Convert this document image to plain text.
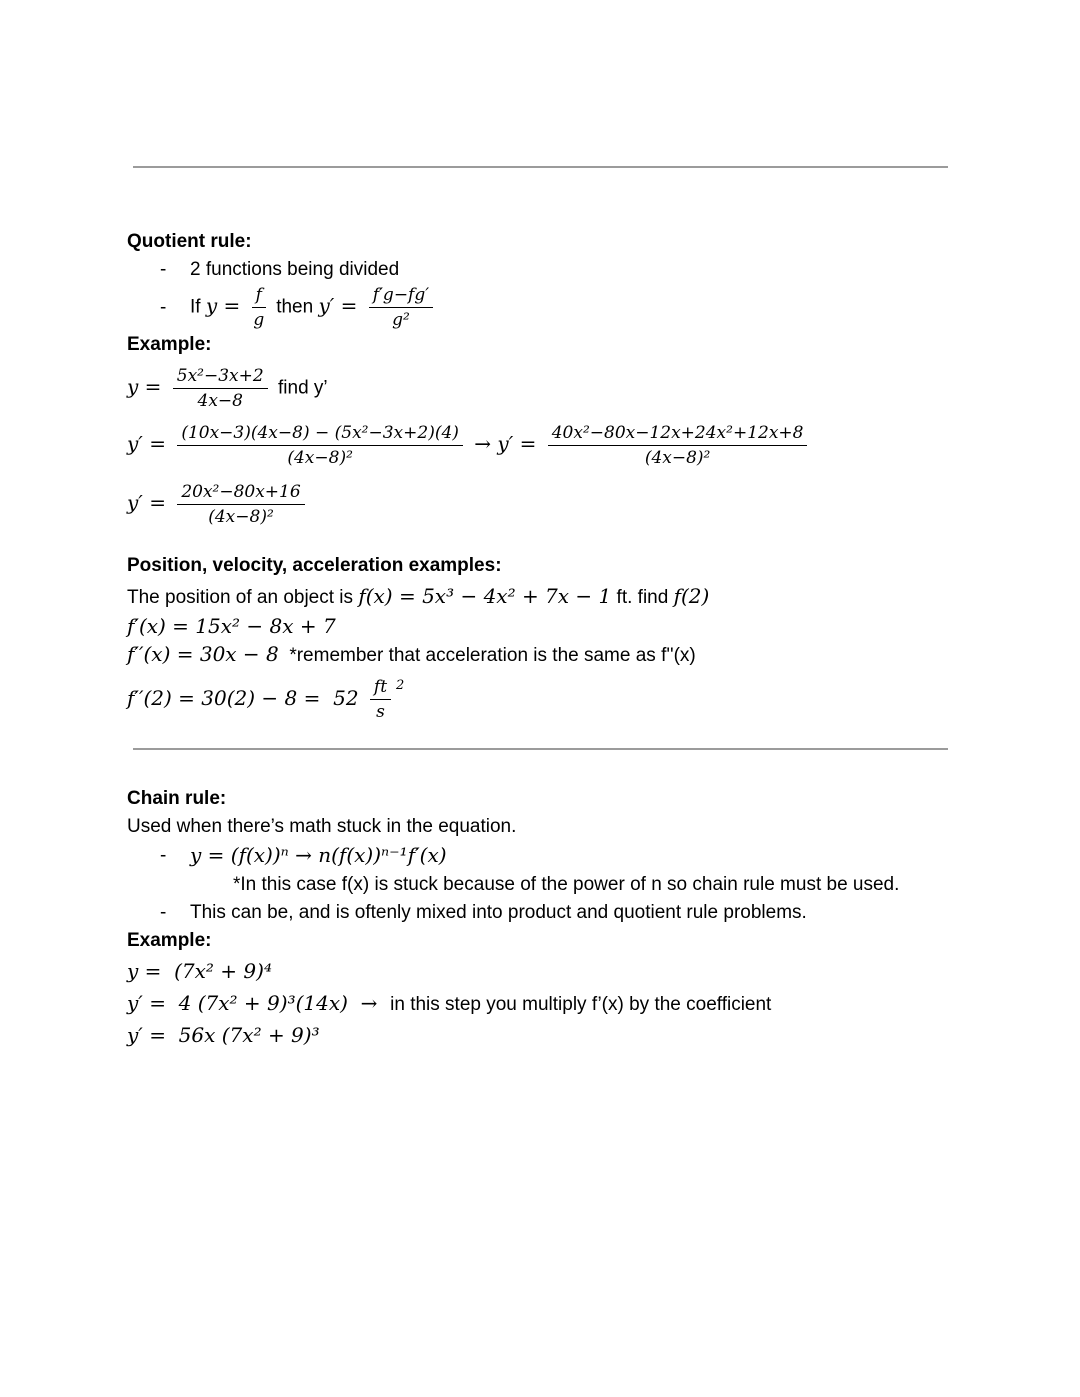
Quotient rule:
-	2 functions being divided
-	If $y = \frac{f}{g}$ then $y' = \frac{f'g-fg'}{\text{g²}}$
Example:
$y = \frac{\text{5x²−3x+2}}{4x-8}$ find y’
$y' = \frac{\text{(10x−3)(4x−8) − (5x²−3x+2)(4)}}{\text{(4x−8)²}} \to y' = \frac{\text{40x²−80x−12x+24x²+12x+8}}{\text{(4x−8)²}}$
$y' = \frac{\text{20x²−80x+16}}{\text{(4x−8)²}}$
Position, velocity, acceleration examples:
The position of an object is f(x) = 5x³ − 4x² + 7x − 1 ft. find f(2)
f′(x) = 15x² − 8x + 7
f′′(x) = 30x − 8  *remember that acceleration is the same as f''(x)
$f''(2) = 30(2) - 8 = 52 \frac{ft}{s} ^2$
Chain rule:
Used when there’s math stuck in the equation.
-	y = (f(x))ⁿ → n(f(x))ⁿ⁻¹f′(x)
*In this case f(x) is stuck because of the power of n so chain rule must be used.
-	This can be, and is oftenly mixed into product and quotient rule problems.
Example:
y =  (7x² + 9)⁴
y′ =  4 (7x² + 9)³(14x)  →  in this step you multiply f’(x) by the coefficient
y′ =  56x (7x² + 9)³
